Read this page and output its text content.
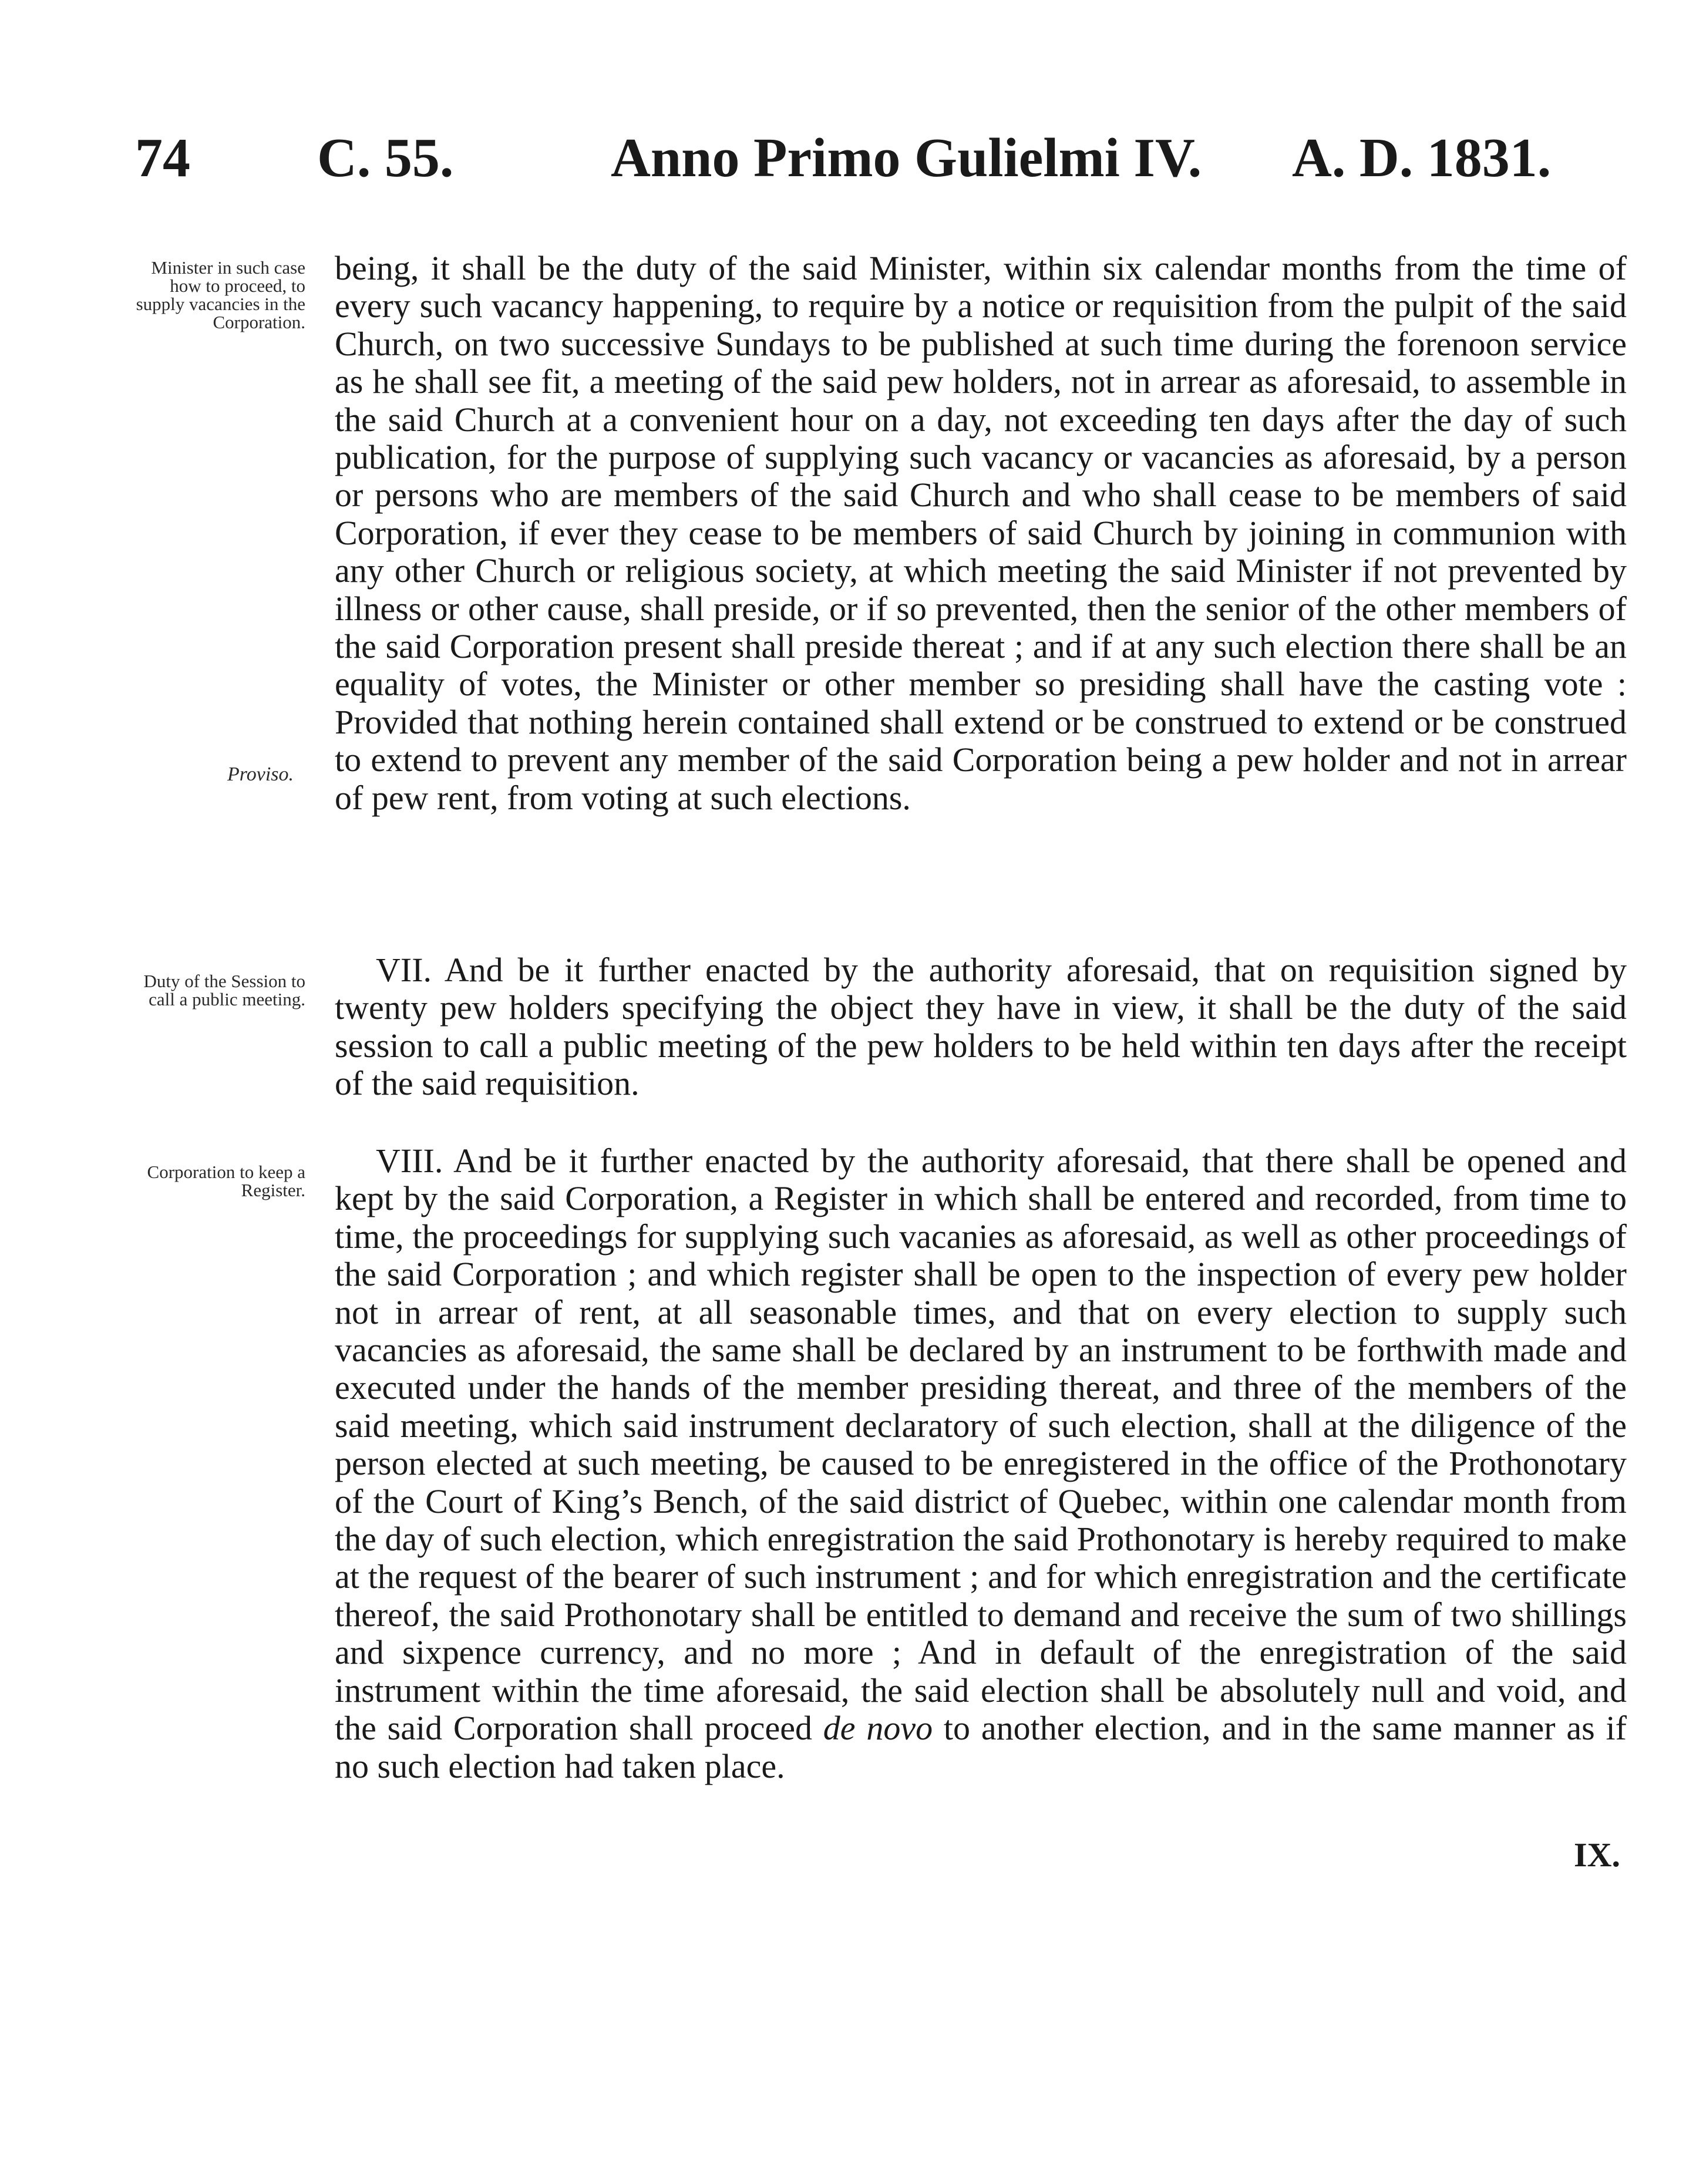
74 C. 55.	Anno Primo Gulielmi IV. A. D. 1831.
Minister in such case how to proceed, to supply vacancies in the Corporation.
Proviso.
Duty of the Session to call a public meeting.
Corporation to keep a Register.
being, it shall be the duty of the said Minister, within six calendar months from the time of every such vacancy happening, to require by a notice or requisition from the pulpit of the said Church, on two successive Sundays to be published at such time during the forenoon service as he shall see fit, a meeting of the said pew holders, not in arrear as aforesaid, to assemble in the said Church at a convenient hour on a day, not exceeding ten days after the day of such publication, for the purpose of supplying such vacancy or vacancies as aforesaid, by a person or persons who are members of the said Church and who shall cease to be members of said Corporation, if ever they cease to be members of said Church by joining in communion with any other Church or religious society, at which meeting the said Minister if not prevented by illness or other cause, shall preside, or if so prevented, then the senior of the other members of the said Corporation present shall preside thereat ; and if at any such election there shall be an equality of votes, the Minister or other member so presiding shall have the casting vote : Provided that nothing herein contained shall extend or be construed to extend or be construed to extend to prevent any member of the said Corporation being a pew holder and not in arrear of pew rent, from voting at such elections.
VII. And be it further enacted by the authority aforesaid, that on requisition signed by twenty pew holders specifying the object they have in view, it shall be the duty of the said session to call a public meeting of the pew holders to be held within ten days after the receipt of the said requisition.
VIII. And be it further enacted by the authority aforesaid, that there shall be opened and kept by the said Corporation, a Register in which shall be entered and recorded, from time to time, the proceedings for supplying such vacanies as aforesaid, as well as other proceedings of the said Corporation ; and which register shall be open to the inspection of every pew holder not in arrear of rent, at all seasonable times, and that on every election to supply such vacancies as aforesaid, the same shall be declared by an instrument to be forthwith made and executed under the hands of the member presiding thereat, and three of the members of the said meeting, which said instrument declaratory of such election, shall at the diligence of the person elected at such meeting, be caused to be enregistered in the office of the Prothonotary of the Court of King’s Bench, of the said district of Quebec, within one calendar month from the day of such election, which enregistration the said Prothonotary is hereby required to make at the request of the bearer of such instrument ; and for which enregistration and the certificate thereof, the said Prothonotary shall be entitled to demand and receive the sum of two shillings and sixpence currency, and no more ; And in default of the enregistration of the said instrument within the time aforesaid, the said election shall be absolutely null and void, and the said Corporation shall proceed de novo to another election, and in the same manner as if no such election had taken place.
IX.
